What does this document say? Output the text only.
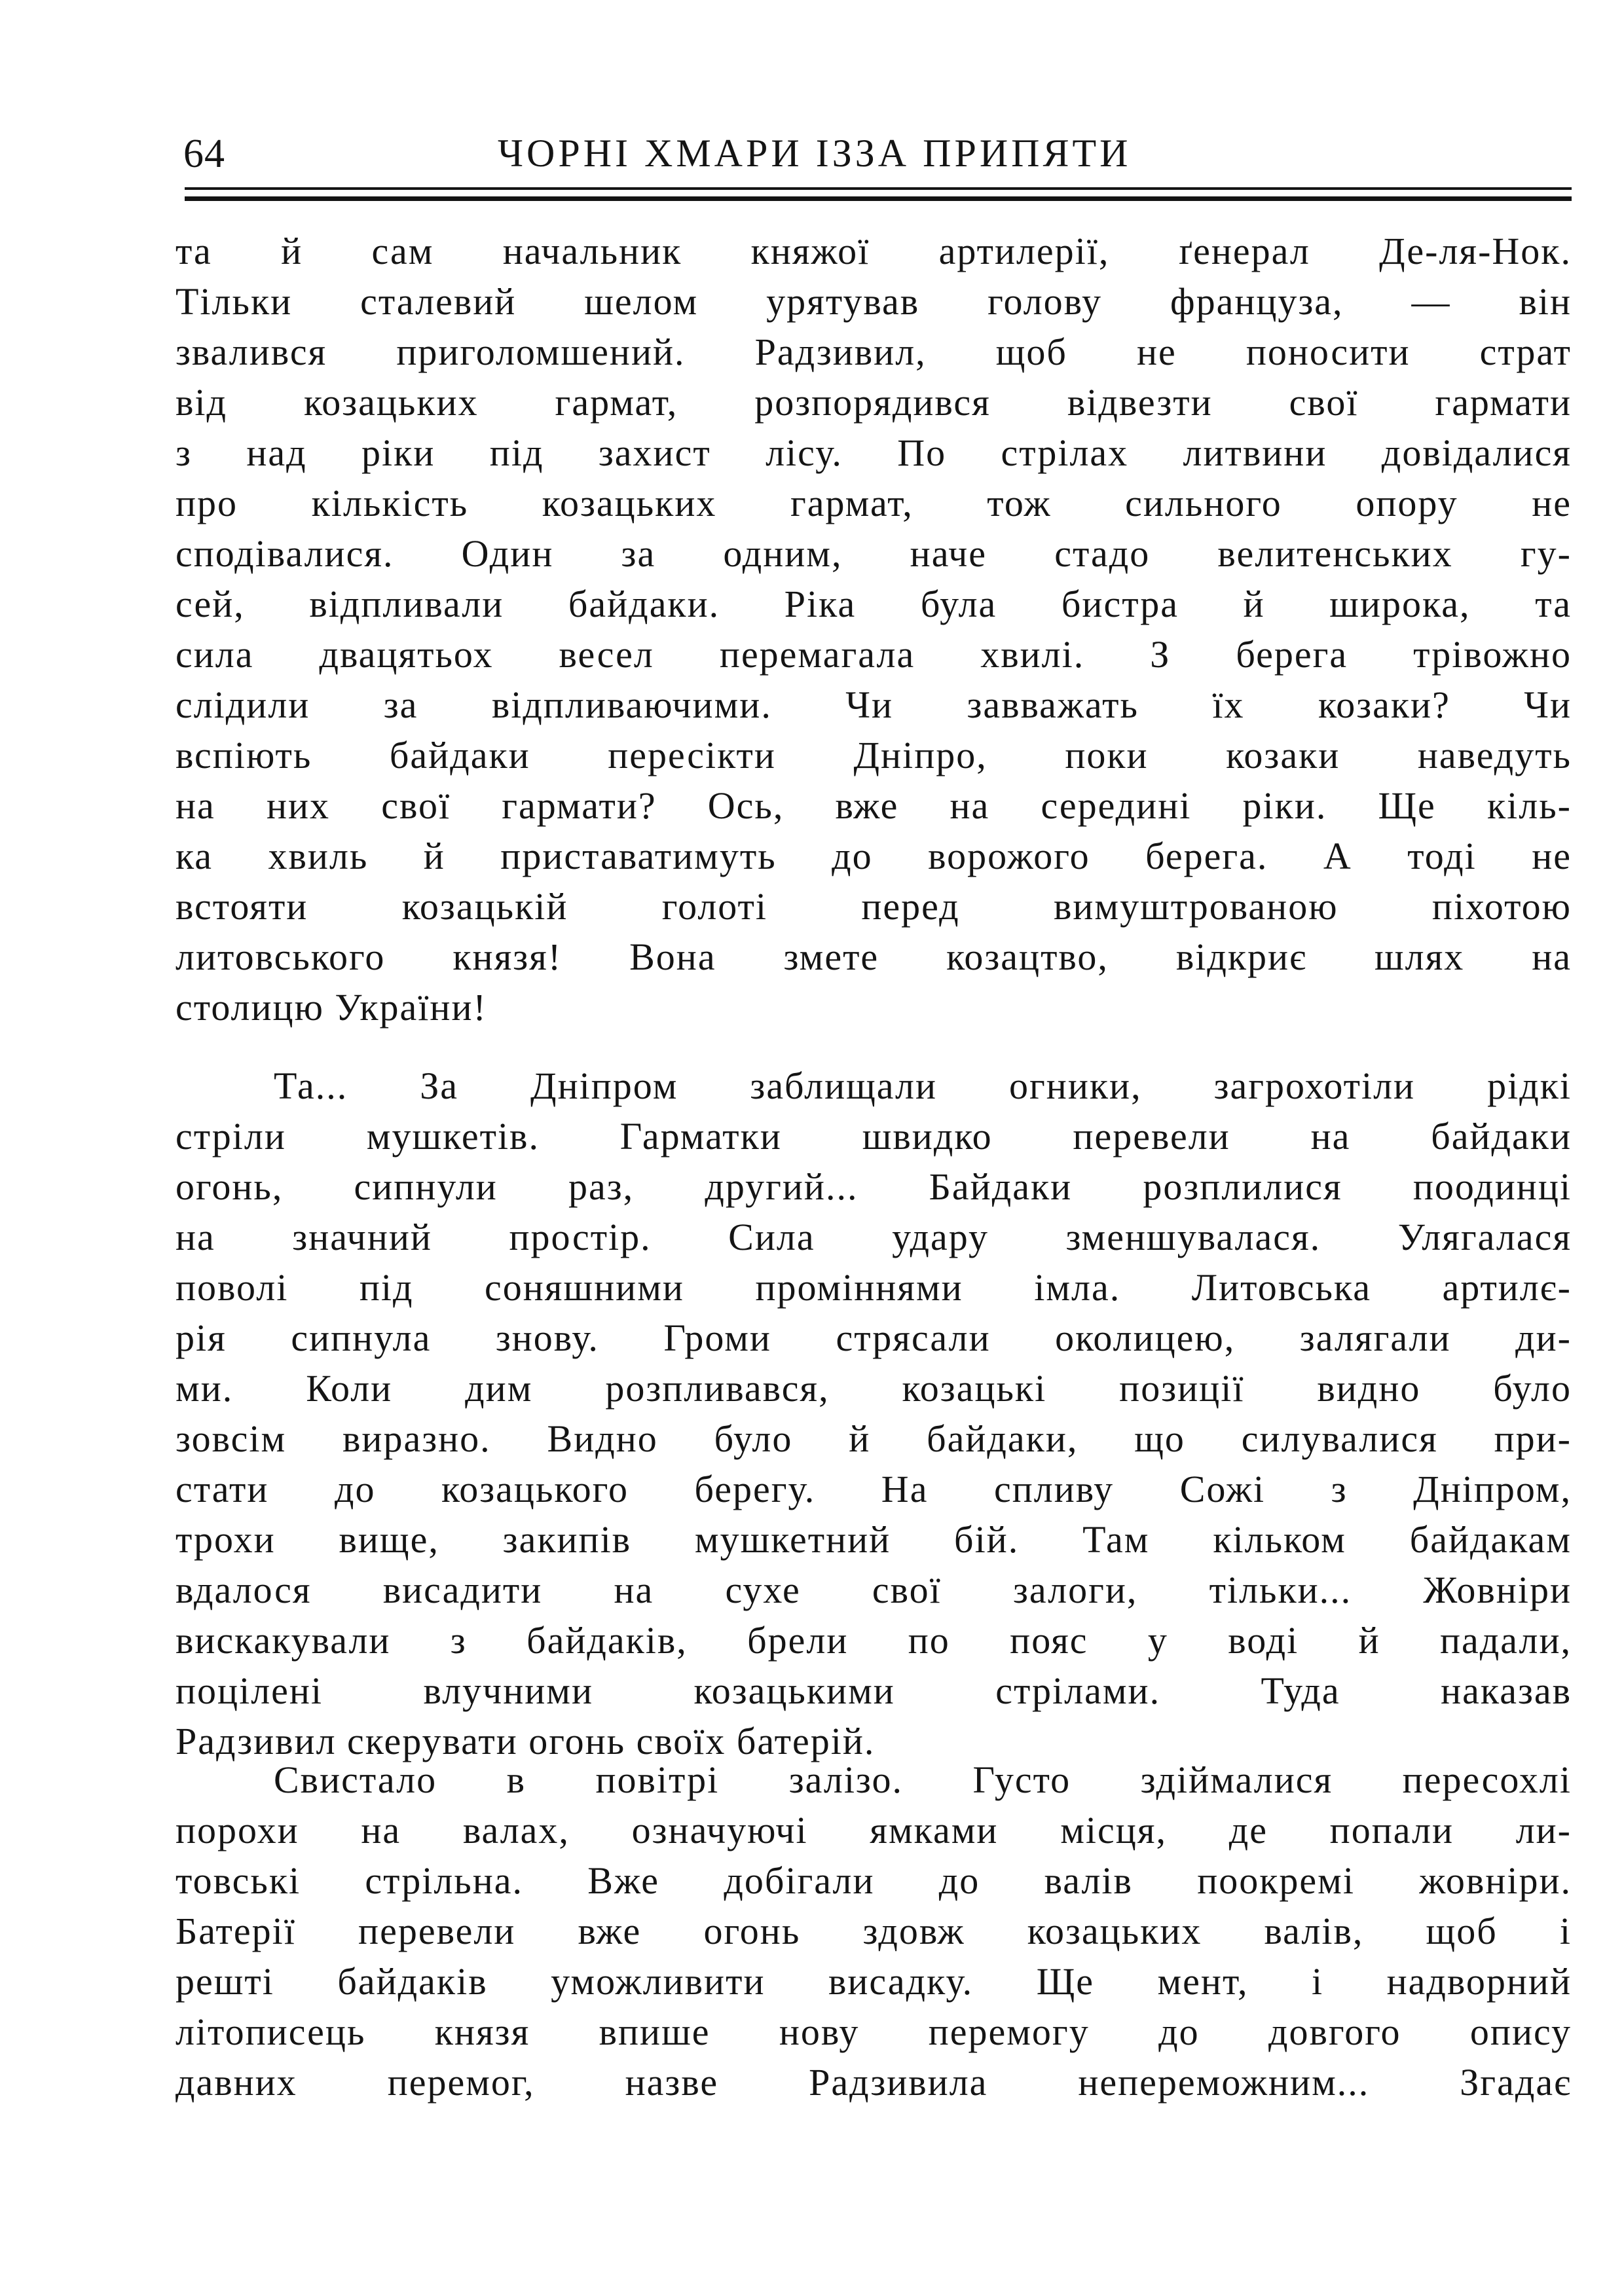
64	ЧОРНІ ХМАРИ ІЗЗА ПРИПЯТИ
та й сам начальник княжої артилерії, ґенерал Де-ля-Нок.
Тільки сталевий шелом урятував голову француза, — він
звалився приголомшений. Радзивил, щоб не поносити страт
від козацьких гармат, розпорядився відвезти свої гармати
з над ріки під захист лісу. По стрілах литвини довідалися
про кількість козацьких гармат, тож сильного опору не
сподівалися. Один за одним, наче стадо велитенських гу-
сей, відпливали байдаки. Ріка була бистра й широка, та
сила двацятьох весел перемагала хвилі. З берега трівожно
слідили за відпливаючими. Чи завважать їх козаки? Чи
вспіють байдаки пересікти Дніпро, поки козаки наведуть
на них свої гармати? Ось, вже на середині ріки. Ще кіль-
ка хвиль й приставатимуть до ворожого берега. А тоді не
встояти козацькій голоті перед вимуштрованою піхотою
литовського князя! Вона змете козацтво, відкриє шлях на
столицю України!
Та... За Дніпром заблищали огники, загрохотіли рідкі
стріли мушкетів. Гарматки швидко перевели на байдаки
огонь, сипнули раз, другий... Байдаки розплилися поодинці
на значний простір. Сила удару зменшувалася. Улягалася
поволі під соняшними проміннями імла. Литовська артилє-
рія сипнула знову. Громи стрясали околицею, залягали ди-
ми. Коли дим розпливався, козацькі позиції видно було
зовсім виразно. Видно було й байдаки, що силувалися при-
стати до козацького берегу. На спливу Сожі з Дніпром,
трохи вище, закипів мушкетний бій. Там кільком байдакам
вдалося висадити на сухе свої залоги, тільки... Жовніри
вискакували з байдаків, брели по пояс у воді й падали,
поцілені влучними козацькими стрілами. Туда наказав
Радзивил скерувати огонь своїх батерій.
Свистало в повітрі залізо. Густо здіймалися пересохлі
порохи на валах, означуючі ямками місця, де попали ли-
товські стрільна. Вже добігали до валів поокремі жовніри.
Батерії перевели вже огонь здовж козацьких валів, щоб і
решті байдаків уможливити висадку. Ще мент, і надворний
літописець князя впише нову перемогу до довгого опису
давних перемог, назве Радзивила непереможним... Згадає
